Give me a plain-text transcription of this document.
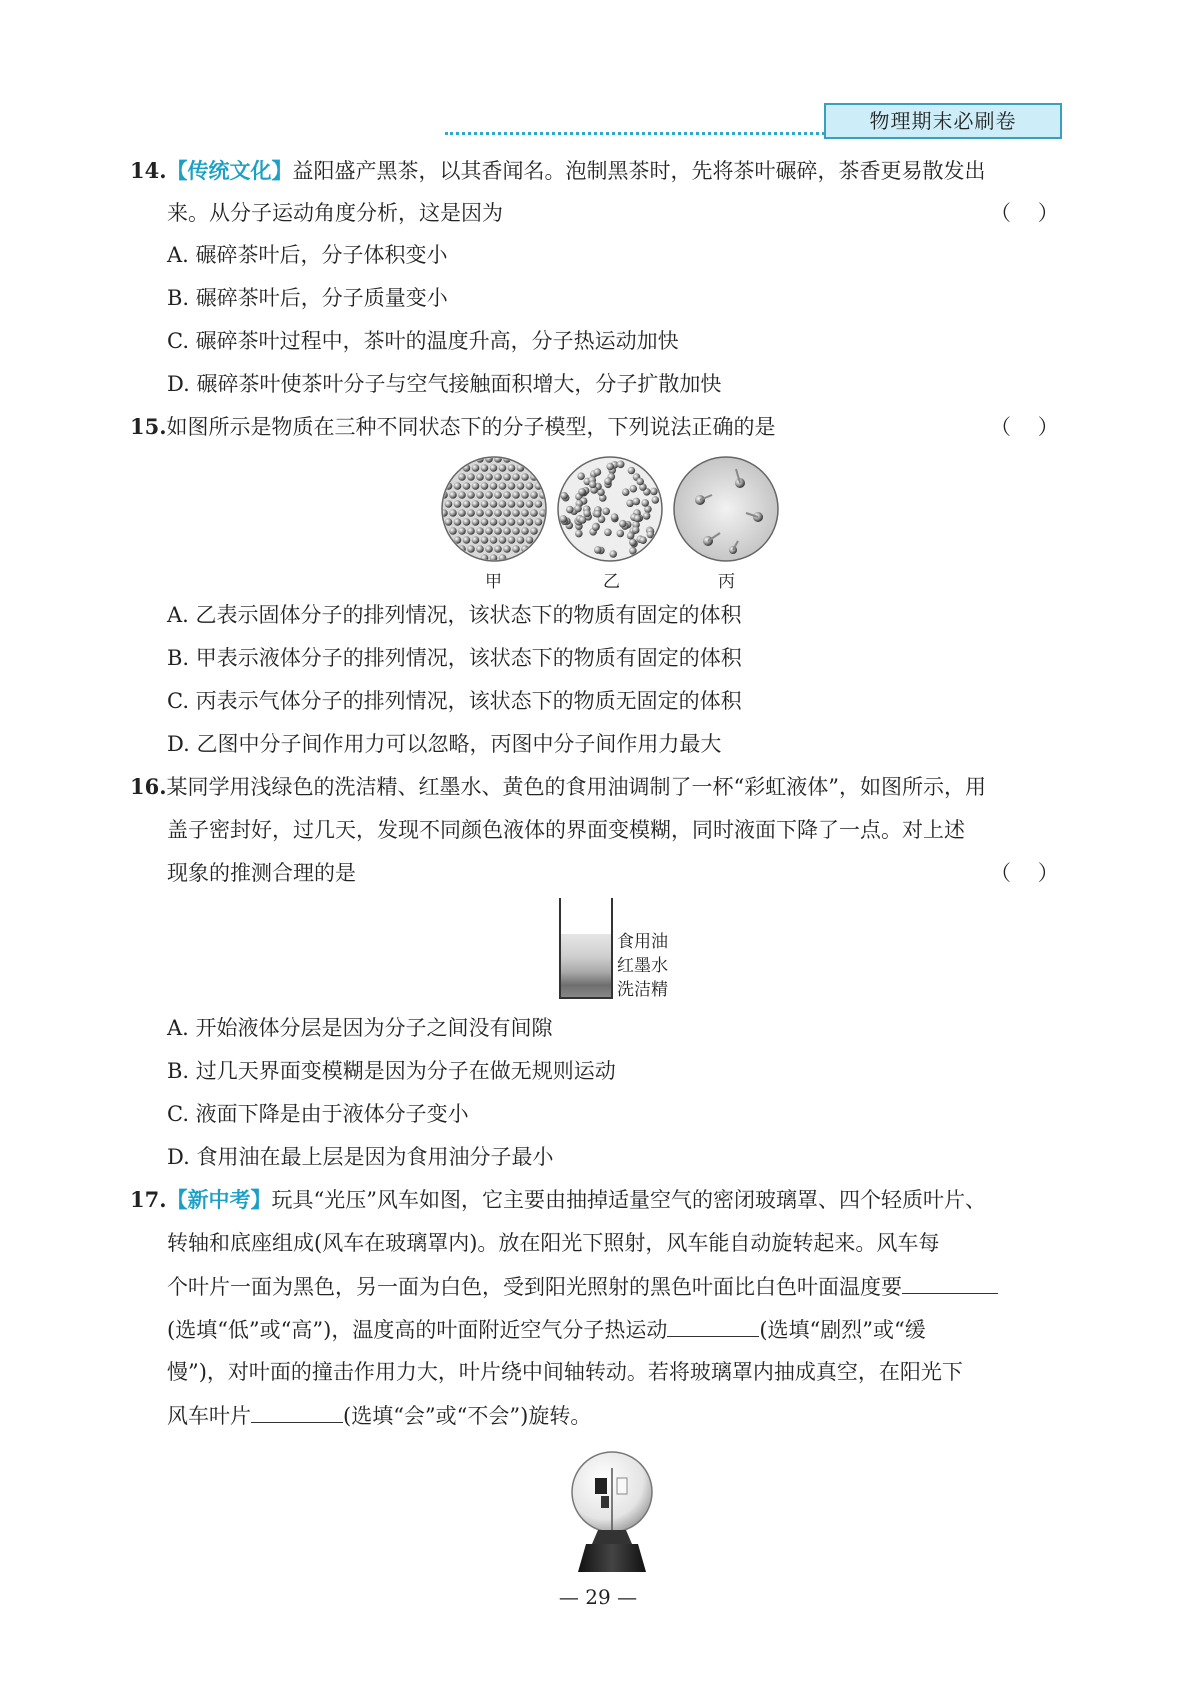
物理期末必刷卷
14.【传统文化】益阳盛产黑茶，以其香闻名。泡制黑茶时，先将茶叶碾碎，茶香更易散发出
来。从分子运动角度分析，这是因为	（    ）
A. 碾碎茶叶后，分子体积变小
B. 碾碎茶叶后，分子质量变小
C. 碾碎茶叶过程中，茶叶的温度升高，分子热运动加快
D. 碾碎茶叶使茶叶分子与空气接触面积增大，分子扩散加快
15.如图所示是物质在三种不同状态下的分子模型，下列说法正确的是	（    ）
甲	乙	丙
A. 乙表示固体分子的排列情况，该状态下的物质有固定的体积
B. 甲表示液体分子的排列情况，该状态下的物质有固定的体积
C. 丙表示气体分子的排列情况，该状态下的物质无固定的体积
D. 乙图中分子间作用力可以忽略，丙图中分子间作用力最大
16.某同学用浅绿色的洗洁精、红墨水、黄色的食用油调制了一杯“彩虹液体”，如图所示，用
盖子密封好，过几天，发现不同颜色液体的界面变模糊，同时液面下降了一点。对上述
现象的推测合理的是	（    ）
食用油
红墨水
洗洁精
A. 开始液体分层是因为分子之间没有间隙
B. 过几天界面变模糊是因为分子在做无规则运动
C. 液面下降是由于液体分子变小
D. 食用油在最上层是因为食用油分子最小
17.【新中考】玩具“光压”风车如图，它主要由抽掉适量空气的密闭玻璃罩、四个轻质叶片、
转轴和底座组成(风车在玻璃罩内)。放在阳光下照射，风车能自动旋转起来。风车每
个叶片一面为黑色，另一面为白色，受到阳光照射的黑色叶面比白色叶面温度要
(选填“低”或“高”)，温度高的叶面附近空气分子热运动	(选填“剧烈”或“缓
慢”)，对叶面的撞击作用力大，叶片绕中间轴转动。若将玻璃罩内抽成真空，在阳光下
风车叶片	(选填“会”或“不会”)旋转。
— 29 —
